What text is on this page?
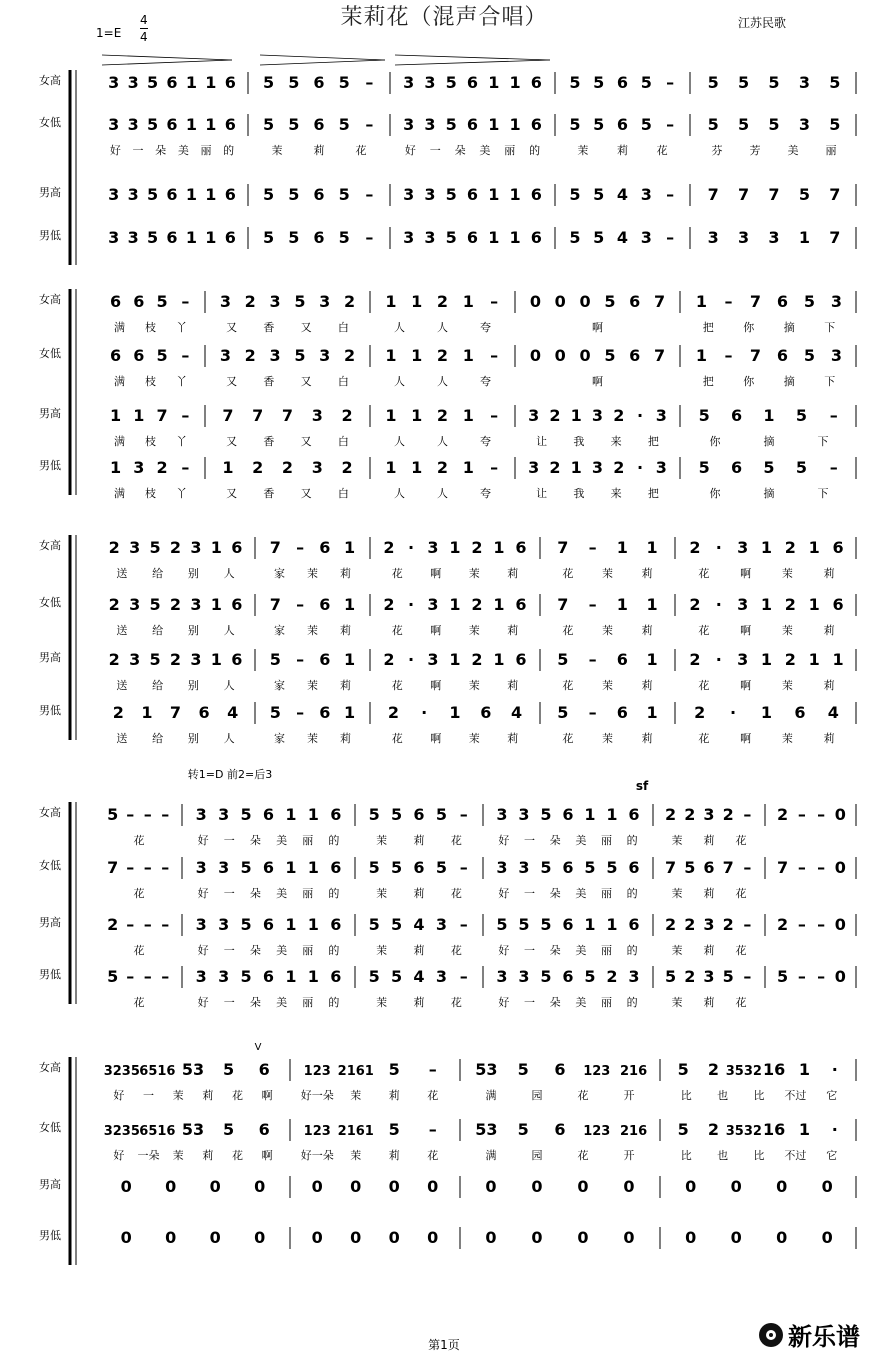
茉莉花（混声合唱）	江苏民歌
1=E
4
4
女高	3 3 5 6 1 1 6 5 5 6 5 – 3 3 5 6 1 1 6 5 5 6 5 – 5 5 5 3 5
女低	3 3 5 6 1 1 6 5 5 6 5 – 3 3 5 6 1 1 6 5 5 6 5 – 5 5 5 3 5
好 一 朵 美 丽 的	茉	莉	花	好 一 朵 美 丽 的	茉	莉	花	芬 芳 美 丽
男高	3 3 5 6 1 1 6 5 5 6 5 – 3 3 5 6 1 1 6 5 5 4 3 – 7 7 7 5 7
男低	3 3 5 6 1 1 6 5 5 6 5 – 3 3 5 6 1 1 6 5 5 4 3 – 3 3 3 1 7
女高	6 6 5 – 3 2 3 5 3 2 1 1 2 1 – 0 0 0 5 6 7 1 – 7 6 5 3
满 枝 丫	又 香 又 白	人	人	夸	啊	把	你	摘	下
女低	6 6 5 – 3 2 3 5 3 2 1 1 2 1 – 0 0 0 5 6 7 1 – 7 6 5 3
满 枝 丫	又 香 又 白	人	人	夸	啊	把	你	摘	下
男高	1 1 7 – 7 7 7 3 2 1 1 2 1 – 3 2 1 3 2 · 3 5 6 1 5 –
满 枝 丫	又 香 又 白	人	人	夸	让 我 来 把	你	摘	下
男低	1 3 2 – 1 2 2 3 2 1 1 2 1 – 3 2 1 3 2 · 3 5 6 5 5 –
满 枝 丫	又 香 又 白	人	人	夸	让 我 来 把	你	摘	下
女高	2 3 5 2 3 1 6 7 – 6 1 2 · 3 1 2 1 6 7 – 1 1 2 · 3 1 2 1 6
送 给 别 人	家 茉 莉	花	啊	茉	莉	花	茉	莉	花	啊	茉	莉
女低	2 3 5 2 3 1 6 7 – 6 1 2 · 3 1 2 1 6 7 – 1 1 2 · 3 1 2 1 6
送 给 别 人	家 茉 莉	花	啊	茉	莉	花	茉	莉	花	啊	茉	莉
男高	2 3 5 2 3 1 6 5 – 6 1 2 · 3 1 2 1 6 5 – 6 1 2 · 3 1 2 1 1
送 给 别 人	家 茉 莉	花	啊	茉	莉	花	茉	莉	花	啊	茉	莉
男低	2 1 7 6 4 5 – 6 1 2 · 1 6 4 5 – 6 1 2 · 1 6 4
送 给 别 人	家 茉 莉	花	啊	茉	莉	花	茉	莉	花	啊	茉	莉
女高	5 – – – 3 3 5 6 1 1 6 5 5 6 5 – 3 3 5 6 1 1 6 2 2 3 2 – 2 – – 0
花	好 一 朵 美 丽 的	茉 莉 花	好 一 朵 美 丽 的	茉 莉 花
女低	7 – – – 3 3 5 6 1 1 6 5 5 6 5 – 3 3 5 6 5 5 6 7 5 6 7 – 7 – – 0
花	好 一 朵 美 丽 的	茉 莉 花	好 一 朵 美 丽 的	茉 莉 花
男高	2 – – – 3 3 5 6 1 1 6 5 5 4 3 – 5 5 5 6 1 1 6 2 2 3 2 – 2 – – 0
花	好 一 朵 美 丽 的	茉 莉 花	好 一 朵 美 丽 的	茉 莉 花
男低	5 – – – 3 3 5 6 1 1 6 5 5 4 3 – 3 3 5 6 5 2 3 5 2 3 5 – 5 – – 0
花	好 一 朵 美 丽 的	茉 莉 花	好 一 朵 美 丽 的	茉 莉 花
女高	3235 6516 53 5 6	123 2161 5 – 53 5 6 123 216 5 2 3532 16 1 ·
好 一 茉 莉 花 啊	好一朵 茉	莉	花	满	园	花	开	比 也 比 不过 它
女低	3235 6516 53 5 6	123 2161 5 – 53 5 6 123 216 5 2 3532 16 1 ·
好 一朵 茉 莉 花 啊	好一朵 茉	莉	花	满	园	花	开	比 也 比 不过 它
男高	0 0 0 0	0 0 0 0	0 0 0 0	0 0 0 0
男低	0 0 0 0	0 0 0 0	0 0 0 0	0 0 0 0
转1=D 前2=后3
sf
V
第1页	新乐谱
